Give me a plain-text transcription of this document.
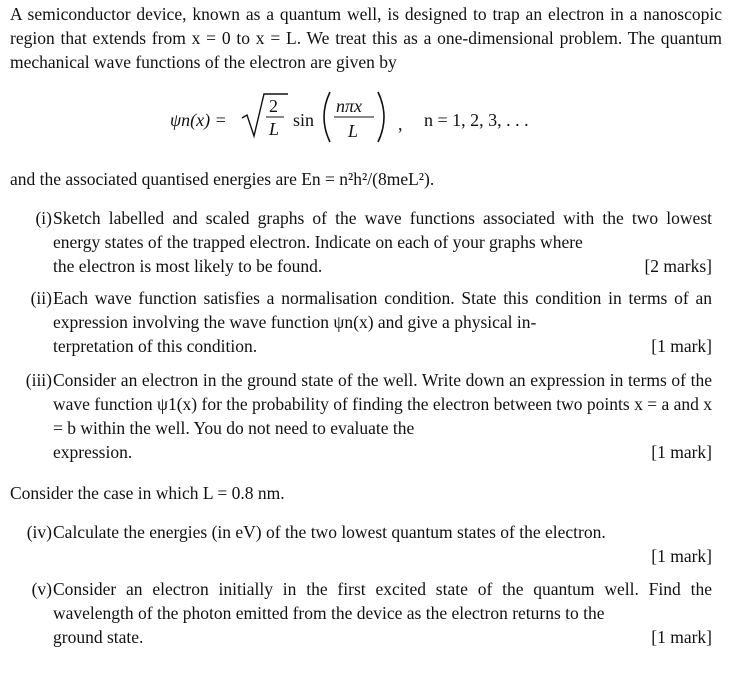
A semiconductor device, known as a quantum well, is designed to trap an electron in a nanoscopic region that extends from x = 0 to x = L. We treat this as a one-dimensional problem. The quantum mechanical wave functions of the electron are given by
ψn(x) =
2
L sin
nπx
L , n = 1, 2, 3, . . .
and the associated quantised energies are En = n²h²/(8meL²).
(i) Sketch labelled and scaled graphs of the wave functions associated with the two lowest energy states of the trapped electron. Indicate on each of your graphs where
the electron is most likely to be found.	[2 marks]
(ii) Each wave function satisfies a normalisation condition. State this condition in terms of an expression involving the wave function ψn(x) and give a physical in-
terpretation of this condition.	[1 mark]
(iii) Consider an electron in the ground state of the well. Write down an expression in terms of the wave function ψ1(x) for the probability of finding the electron between two points x = a and x = b within the well. You do not need to evaluate the
expression.	[1 mark]
Consider the case in which L = 0.8 nm.
(iv) Calculate the energies (in eV) of the two lowest quantum states of the electron.

[1 mark]
(v) Consider an electron initially in the first excited state of the quantum well. Find the wavelength of the photon emitted from the device as the electron returns to the
ground state.	[1 mark]
